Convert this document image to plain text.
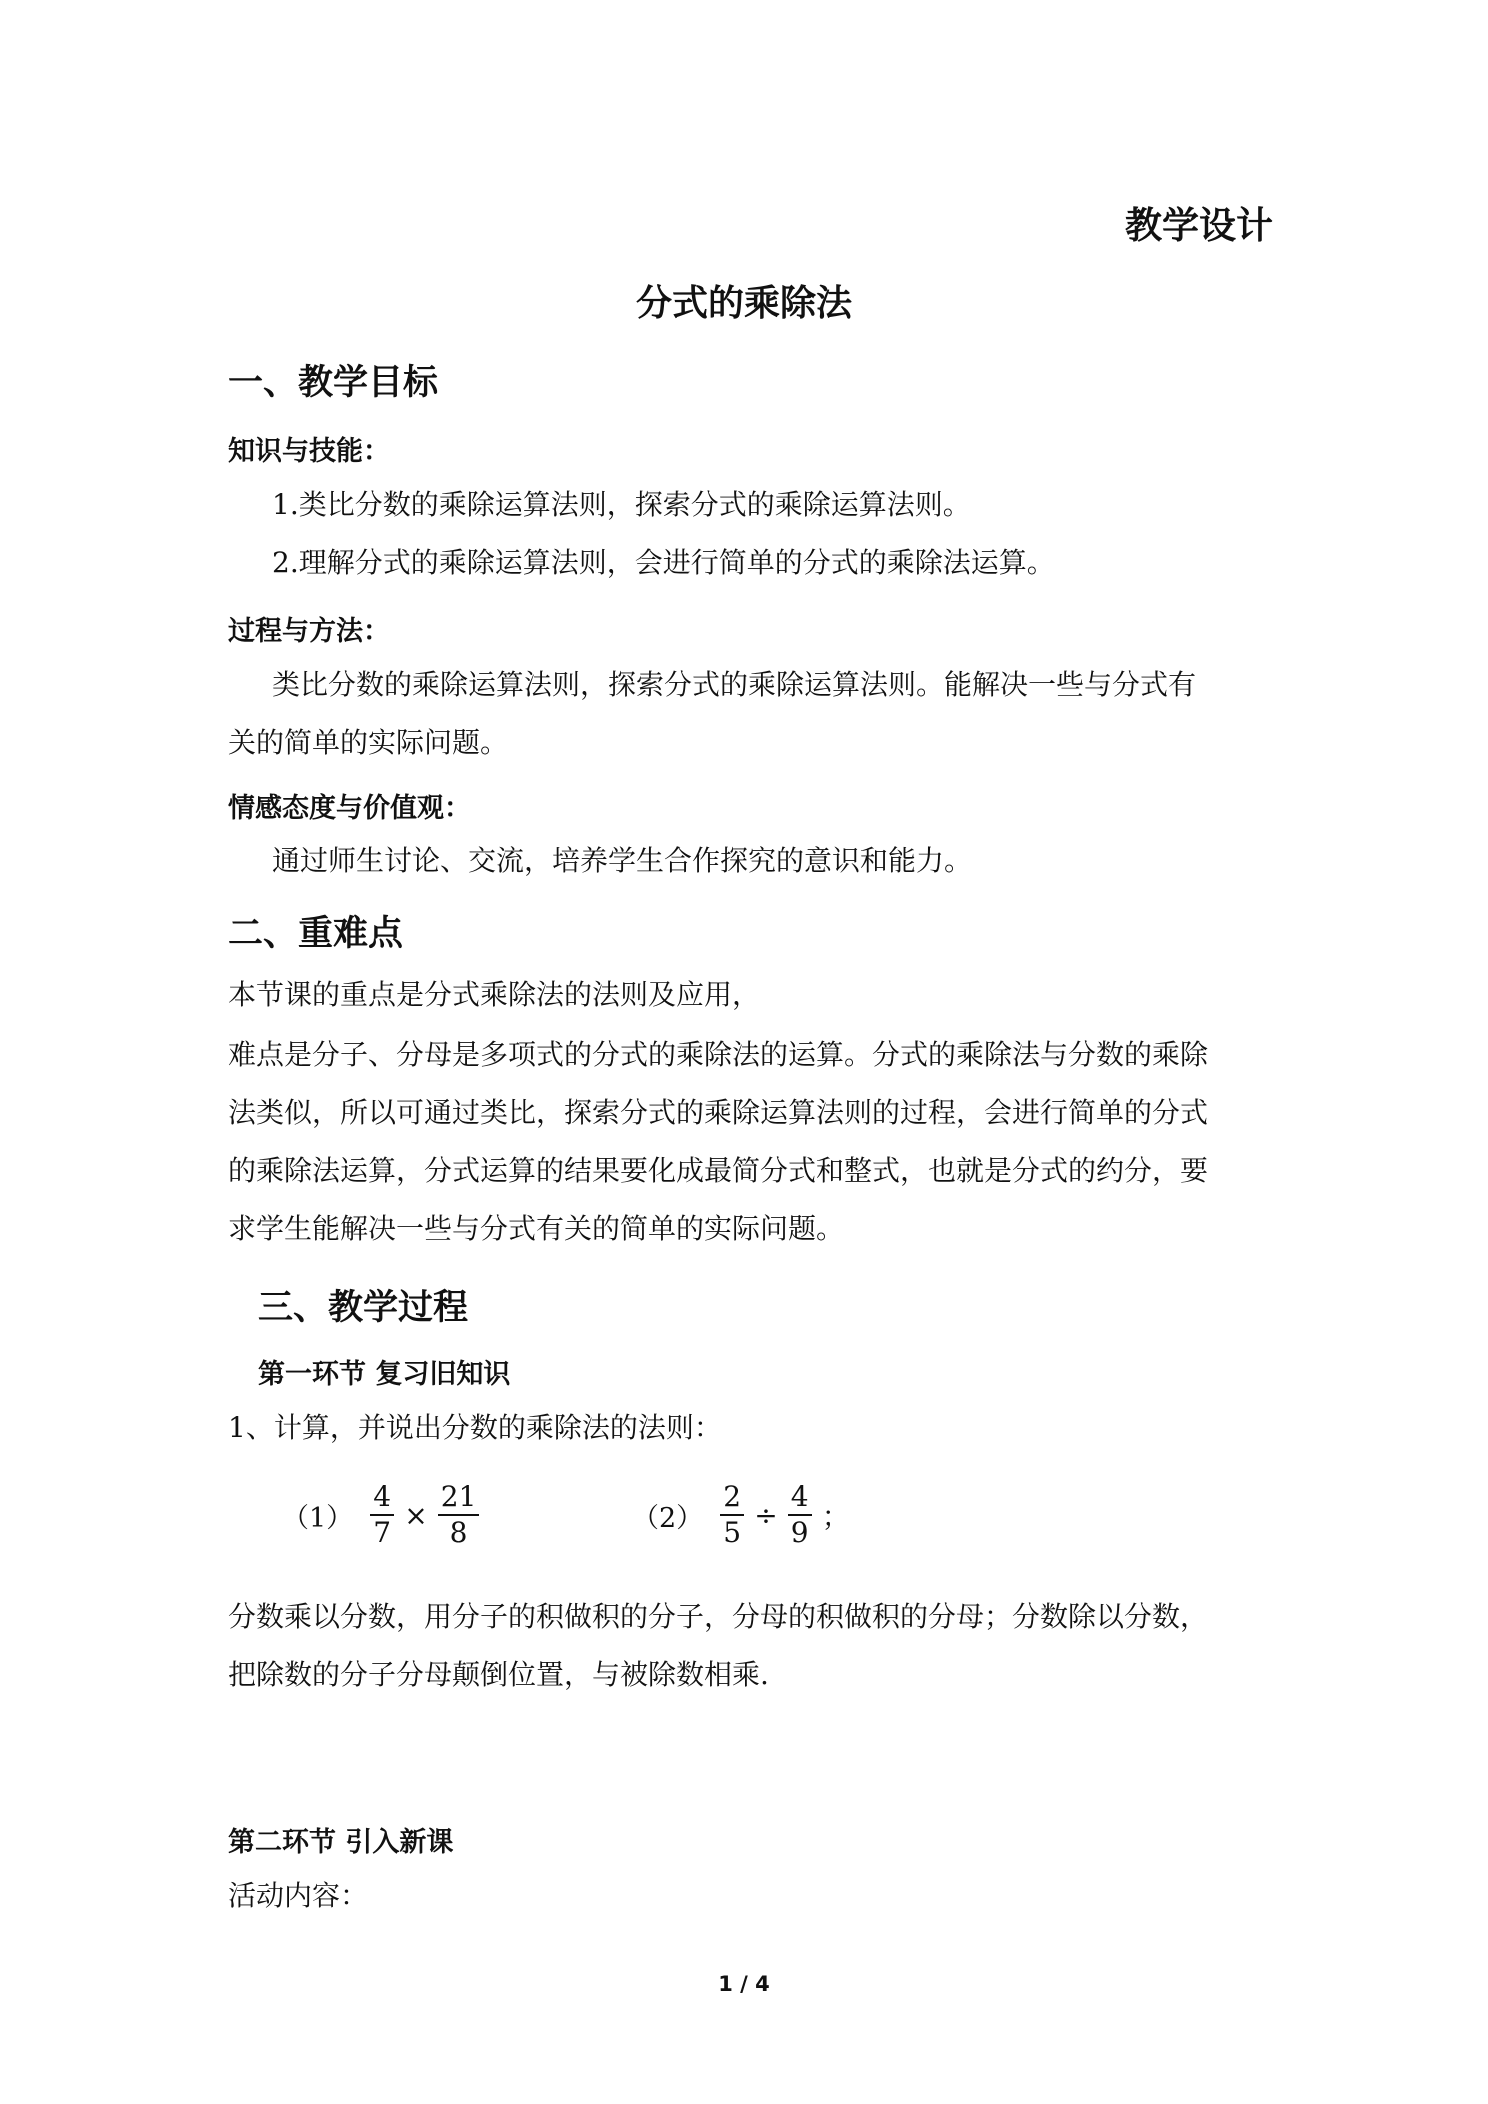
教学设计
分式的乘除法
一、教学目标
知识与技能：
1.类比分数的乘除运算法则，探索分式的乘除运算法则。
2.理解分式的乘除运算法则，会进行简单的分式的乘除法运算。
过程与方法：
类比分数的乘除运算法则，探索分式的乘除运算法则。能解决一些与分式有
关的简单的实际问题。
情感态度与价值观：
通过师生讨论、交流，培养学生合作探究的意识和能力。
二、重难点
本节课的重点是分式乘除法的法则及应用，
难点是分子、分母是多项式的分式的乘除法的运算。分式的乘除法与分数的乘除
法类似，所以可通过类比，探索分式的乘除运算法则的过程，会进行简单的分式
的乘除法运算，分式运算的结果要化成最简分式和整式，也就是分式的约分，要
求学生能解决一些与分式有关的简单的实际问题。
三、教学过程
第一环节 复习旧知识
1、计算，并说出分数的乘除法的法则：
$(1) \frac{4}{7} \times \frac{21}{8}$	$(2) \frac{2}{5} \div \frac{4}{9}$ ；
分数乘以分数，用分子的积做积的分子，分母的积做积的分母；分数除以分数，
把除数的分子分母颠倒位置，与被除数相乘.
第二环节 引入新课
活动内容：
1 / 4
